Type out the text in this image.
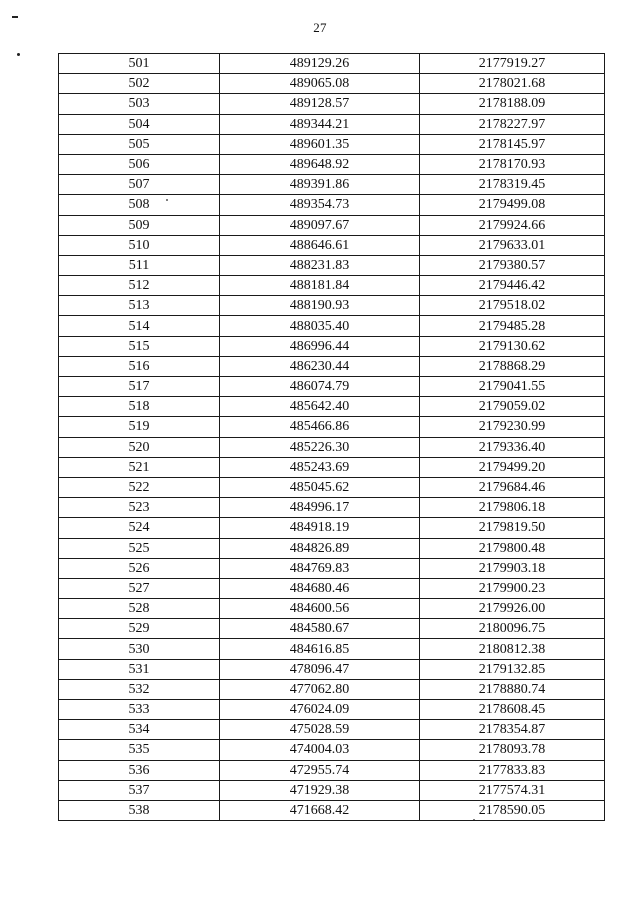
27
501	489129.26	2177919.27
502	489065.08	2178021.68
503	489128.57	2178188.09
504	489344.21	2178227.97
505	489601.35	2178145.97
506	489648.92	2178170.93
507	489391.86	2178319.45
508	489354.73	2179499.08
509	489097.67	2179924.66
510	488646.61	2179633.01
511	488231.83	2179380.57
512	488181.84	2179446.42
513	488190.93	2179518.02
514	488035.40	2179485.28
515	486996.44	2179130.62
516	486230.44	2178868.29
517	486074.79	2179041.55
518	485642.40	2179059.02
519	485466.86	2179230.99
520	485226.30	2179336.40
521	485243.69	2179499.20
522	485045.62	2179684.46
523	484996.17	2179806.18
524	484918.19	2179819.50
525	484826.89	2179800.48
526	484769.83	2179903.18
527	484680.46	2179900.23
528	484600.56	2179926.00
529	484580.67	2180096.75
530	484616.85	2180812.38
531	478096.47	2179132.85
532	477062.80	2178880.74
533	476024.09	2178608.45
534	475028.59	2178354.87
535	474004.03	2178093.78
536	472955.74	2177833.83
537	471929.38	2177574.31
538	471668.42	2178590.05
